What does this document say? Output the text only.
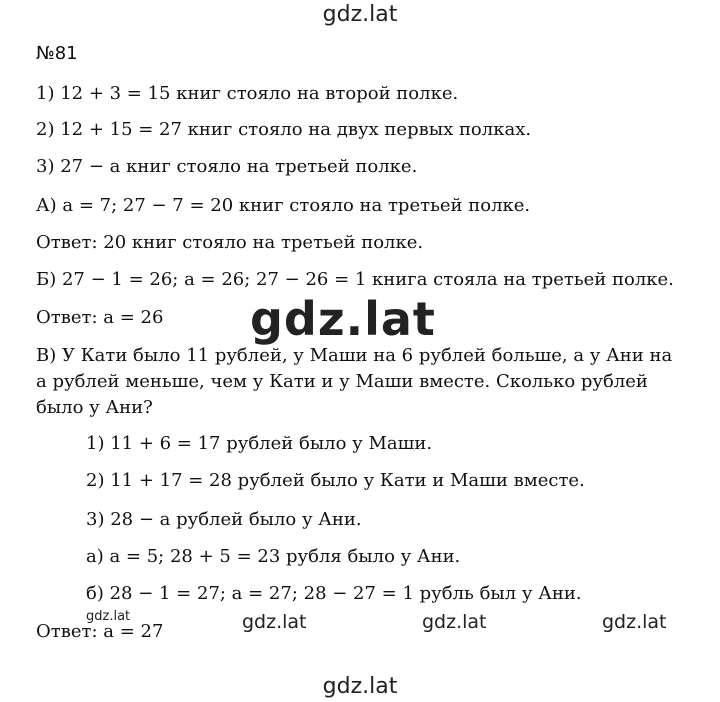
gdz.lat
№81
1) 12 + 3 = 15 книг стояло на второй полке.
2) 12 + 15 = 27 книг стояло на двух первых полках.
3) 27 − a книг стояло на третьей полке.
А) a = 7; 27 − 7 = 20 книг стояло на третьей полке.
Ответ: 20 книг стояло на третьей полке.
Б) 27 − 1 = 26; a = 26; 27 − 26 = 1 книга стояла на третьей полке.
Ответ: a = 26
В) У Кати было 11 рублей, у Маши на 6 рублей больше, а у Ани на a рублей меньше, чем у Кати и у Маши вместе. Сколько рублей было у Ани?
1) 11 + 6 = 17 рублей было у Маши.
2) 11 + 17 = 28 рублей было у Кати и Маши вместе.
3) 28 − a рублей было у Ани.
а) a = 5; 28 + 5 = 23 рубля было у Ани.
б) 28 − 1 = 27; a = 27; 28 − 27 = 1 рубль был у Ани.
Ответ: a = 27
gdz.lat
gdz.lat	gdz.lat	gdz.lat	gdz.lat
gdz.lat
